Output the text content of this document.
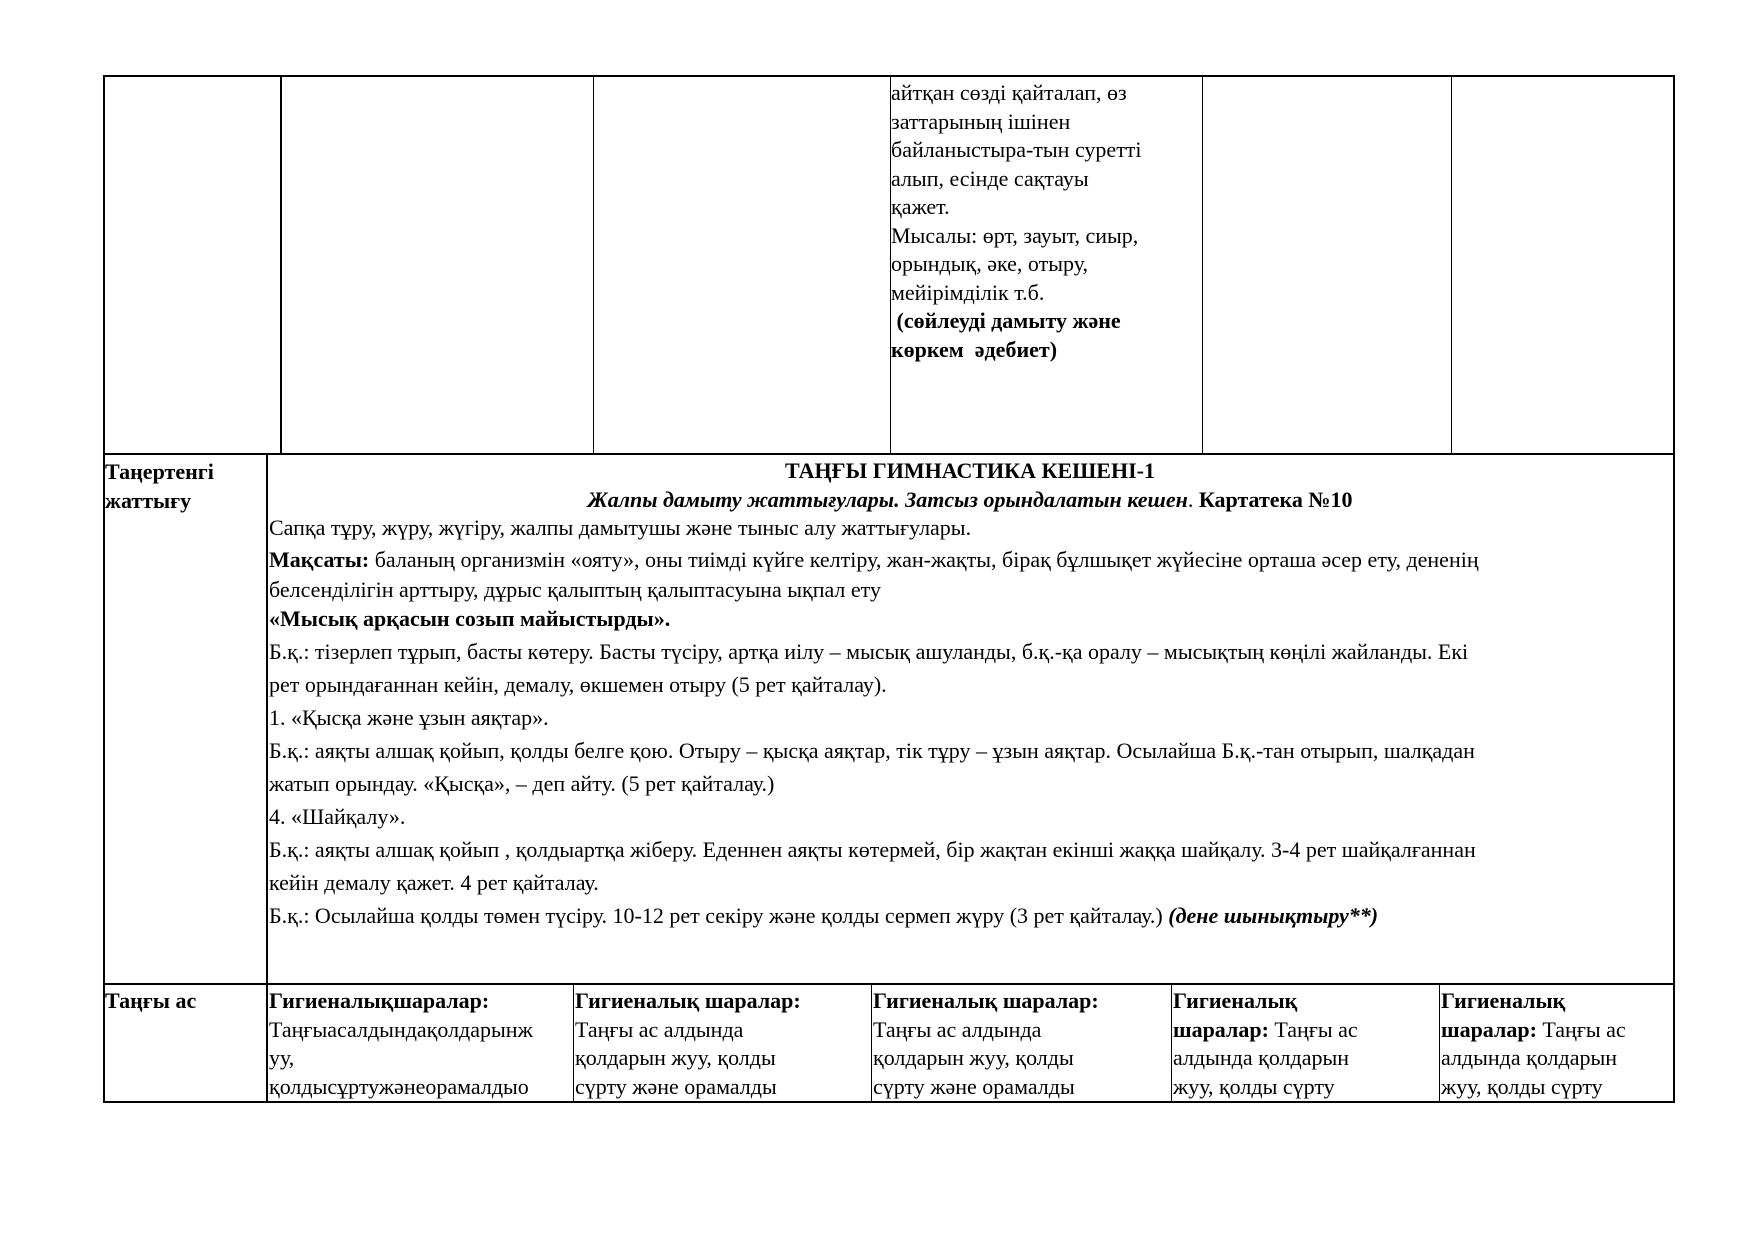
айтқан сөзді қайталап, өз
заттарының ішінен
байланыстыра-тын суретті
алып, есінде сақтауы
қажет.
Мысалы: өрт, зауыт, сиыр,
орындық, әке, отыру,
мейірімділік т.б.
(сөйлеуді дамыту және
көркем  әдебиет)
Таңертенгі
жаттығу
ТАҢҒЫ ГИМНАСТИКА КЕШЕНІ-1
Жалпы дамыту жаттығулары. Затсыз орындалатын кешен. Картатека №10
Сапқа тұру, жүру, жүгіру, жалпы дамытушы және тыныс алу жаттығулары.
Мақсаты: баланың организмін «ояту», оны тиімді күйге келтіру, жан-жақты, бірақ бұлшықет жүйесіне орташа әсер ету, дененің
белсенділігін арттыру, дұрыс қалыптың қалыптасуына ықпал ету
«Мысық арқасын созып майыстырды».
Б.қ.: тізерлеп тұрып, басты көтеру. Басты түсіру, артқа иілу – мысық ашуланды, б.қ.-қа оралу – мысықтың көңілі жайланды. Екі
рет орындағаннан кейін, демалу, өкшемен отыру (5 рет қайталау).
1. «Қысқа және ұзын аяқтар».
Б.қ.: аяқты алшақ қойып, қолды белге қою. Отыру – қысқа аяқтар, тік тұру – ұзын аяқтар. Осылайша Б.қ.-тан отырып, шалқадан
жатып орындау. «Қысқа», – деп айту. (5 рет қайталау.)
4. «Шайқалу».
Б.қ.: аяқты алшақ қойып , қолдыартқа жіберу. Еденнен аяқты көтермей, бір жақтан екінші жаққа шайқалу. 3-4 рет шайқалғаннан
кейін демалу қажет. 4 рет қайталау.
Б.қ.: Осылайша қолды төмен түсіру. 10-12 рет секіру және қолды сермеп жүру (3 рет қайталау.) (дене шынықтыру**)
Таңғы ас	Гигиеналықшаралар:
Таңғыасалдындақолдарынж
уу,
қолдысұртужәнеорамалдыо
Гигиеналық шаралар:
Таңғы ас алдында
қолдарын жуу, қолды
сүрту және орамалды
Гигиеналық шаралар:
Таңғы ас алдында
қолдарын жуу, қолды
сүрту және орамалды
Гигиеналық
шаралар: Таңғы ас
алдында қолдарын
жуу, қолды сүрту
Гигиеналық
шаралар: Таңғы ас
алдында қолдарын
жуу, қолды сүрту
